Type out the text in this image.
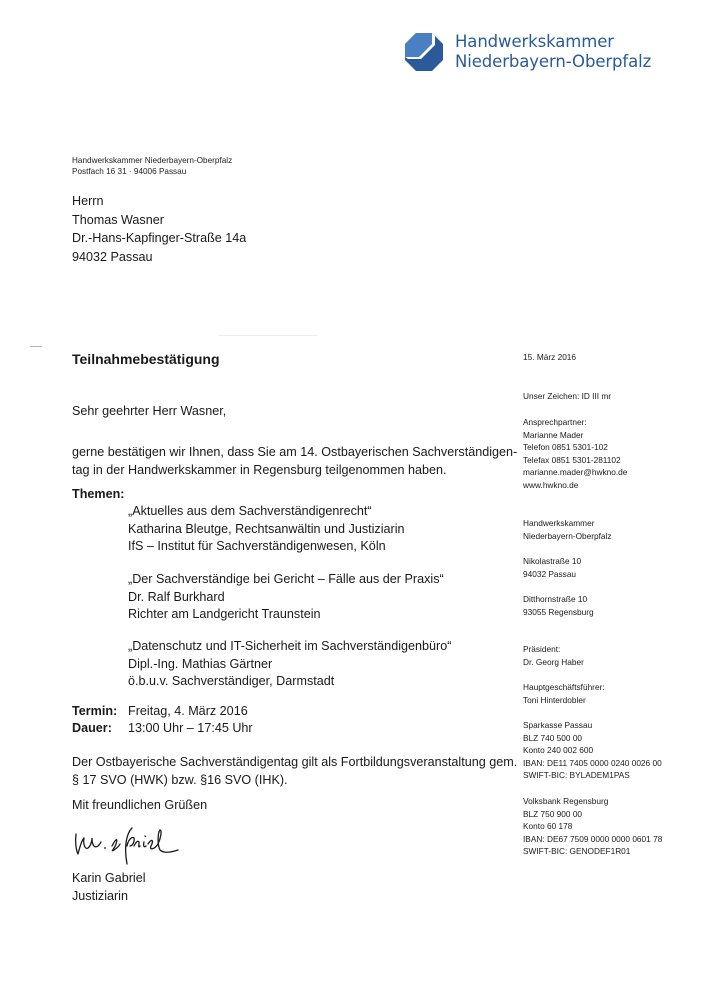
Handwerkskammer
Niederbayern-Oberpfalz
Handwerkskammer Niederbayern-Oberpfalz
Postfach 16 31 · 94006 Passau
Herrn
Thomas Wasner
Dr.-Hans-Kapfinger-Straße 14a
94032 Passau
Teilnahmebestätigung
Sehr geehrter Herr Wasner,
gerne bestätigen wir Ihnen, dass Sie am 14. Ostbayerischen Sachverständigen-
tag in der Handwerkskammer in Regensburg teilgenommen haben.
Themen:
„Aktuelles aus dem Sachverständigenrecht“
Katharina Bleutge, Rechtsanwältin und Justiziarin
IfS – Institut für Sachverständigenwesen, Köln
„Der Sachverständige bei Gericht – Fälle aus der Praxis“
Dr. Ralf Burkhard
Richter am Landgericht Traunstein
„Datenschutz und IT-Sicherheit im Sachverständigenbüro“
Dipl.-Ing. Mathias Gärtner
ö.b.u.v. Sachverständiger, Darmstadt
Termin: Freitag, 4. März 2016
Dauer: 13:00 Uhr – 17:45 Uhr
Der Ostbayerische Sachverständigentag gilt als Fortbildungsveranstaltung gem.
§ 17 SVO (HWK) bzw. §16 SVO (IHK).
Mit freundlichen Grüßen
Karin Gabriel
Justiziarin
15. März 2016
Unser Zeichen: ID III mr
Ansprechpartner:
Marianne Mader
Telefon 0851 5301-102
Telefax 0851 5301-281102
marianne.mader@hwkno.de
www.hwkno.de
Handwerkskammer
Niederbayern-Oberpfalz
Nikolastraße 10
94032 Passau
Ditthornstraße 10
93055 Regensburg
Präsident:
Dr. Georg Haber
Hauptgeschäftsführer:
Toni Hinterdobler
Sparkasse Passau
BLZ 740 500 00
Konto 240 002 600
IBAN: DE11 7405 0000 0240 0026 00
SWIFT-BIC: BYLADEM1PAS
Volksbank Regensburg
BLZ 750 900 00
Konto 60 178
IBAN: DE67 7509 0000 0000 0601 78
SWIFT-BIC: GENODEF1R01
